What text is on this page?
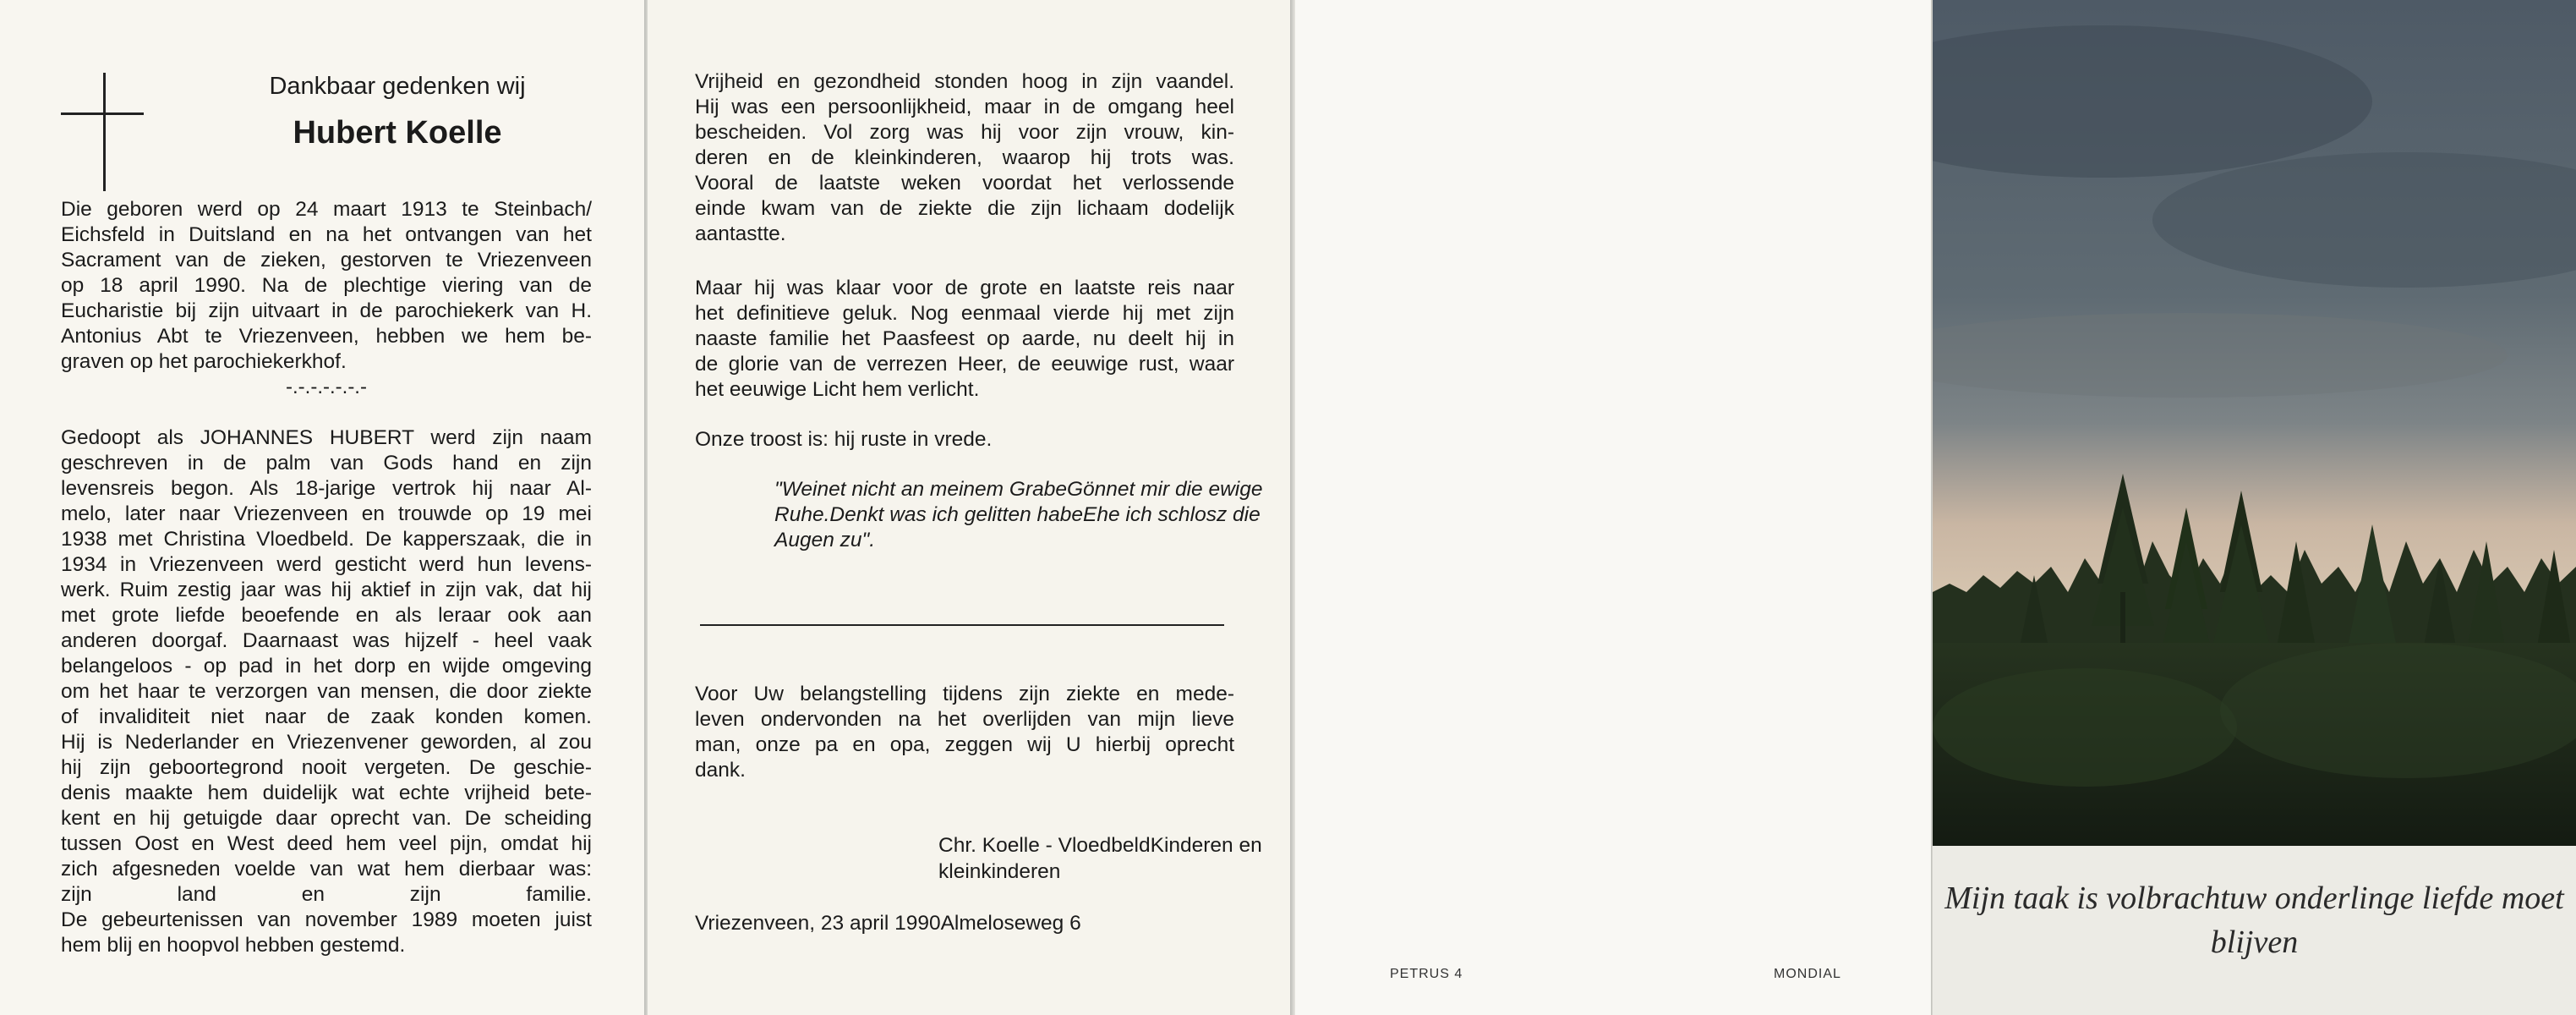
Dankbaar gedenken wij

Hubert Koelle

Die geboren werd op 24 maart 1913 te Steinbach/
Eichsfeld in Duitsland en na het ontvangen van het
Sacrament van de zieken, gestorven te Vriezenveen
op 18 april 1990. Na de plechtige viering van de
Eucharistie bij zijn uitvaart in de parochiekerk van H.
Antonius Abt te Vriezenveen, hebben we hem be-
graven op het parochiekerkhof.

-.-.-.-.-.-.-

Gedoopt als JOHANNES HUBERT werd zijn naam
geschreven in de palm van Gods hand en zijn
levensreis begon. Als 18-jarige vertrok hij naar Al-
melo, later naar Vriezenveen en trouwde op 19 mei
1938 met Christina Vloedbeld. De kapperszaak, die in
1934 in Vriezenveen werd gesticht werd hun levens-
werk. Ruim zestig jaar was hij aktief in zijn vak, dat hij
met grote liefde beoefende en als leraar ook aan
anderen doorgaf. Daarnaast was hijzelf - heel vaak
belangeloos - op pad in het dorp en wijde omgeving
om het haar te verzorgen van mensen, die door ziekte
of invaliditeit niet naar de zaak konden komen.
Hij is Nederlander en Vriezenvener geworden, al zou
hij zijn geboortegrond nooit vergeten. De geschie-
denis maakte hem duidelijk wat echte vrijheid bete-
kent en hij getuigde daar oprecht van. De scheiding
tussen Oost en West deed hem veel pijn, omdat hij
zich afgesneden voelde van wat hem dierbaar was:
zijn land en zijn familie.
De gebeurtenissen van november 1989 moeten juist
hem blij en hoopvol hebben gestemd.
Vrijheid en gezondheid stonden hoog in zijn vaandel.
Hij was een persoonlijkheid, maar in de omgang heel
bescheiden. Vol zorg was hij voor zijn vrouw, kin-
deren en de kleinkinderen, waarop hij trots was.
Vooral de laatste weken voordat het verlossende
einde kwam van de ziekte die zijn lichaam dodelijk
aantastte.
Maar hij was klaar voor de grote en laatste reis naar
het definitieve geluk. Nog eenmaal vierde hij met zijn
naaste familie het Paasfeest op aarde, nu deelt hij in
de glorie van de verrezen Heer, de eeuwige rust, waar
het eeuwige Licht hem verlicht.

Onze troost is: hij ruste in vrede.

"Weinet nicht an meinem GrabeGönnet mir die ewige Ruhe.Denkt was ich gelitten habeEhe ich schlosz die Augen zu".
Voor Uw belangstelling tijdens zijn ziekte en mede-
leven ondervonden na het overlijden van mijn lieve
man, onze pa en opa, zeggen wij U hierbij oprecht
dank.
Chr. Koelle - VloedbeldKinderen en kleinkinderen
Vriezenveen, 23 april 1990Almeloseweg 6

PETRUS 4	MONDIAL

Mijn taak is volbrachtuw onderlinge liefde moet blijven
